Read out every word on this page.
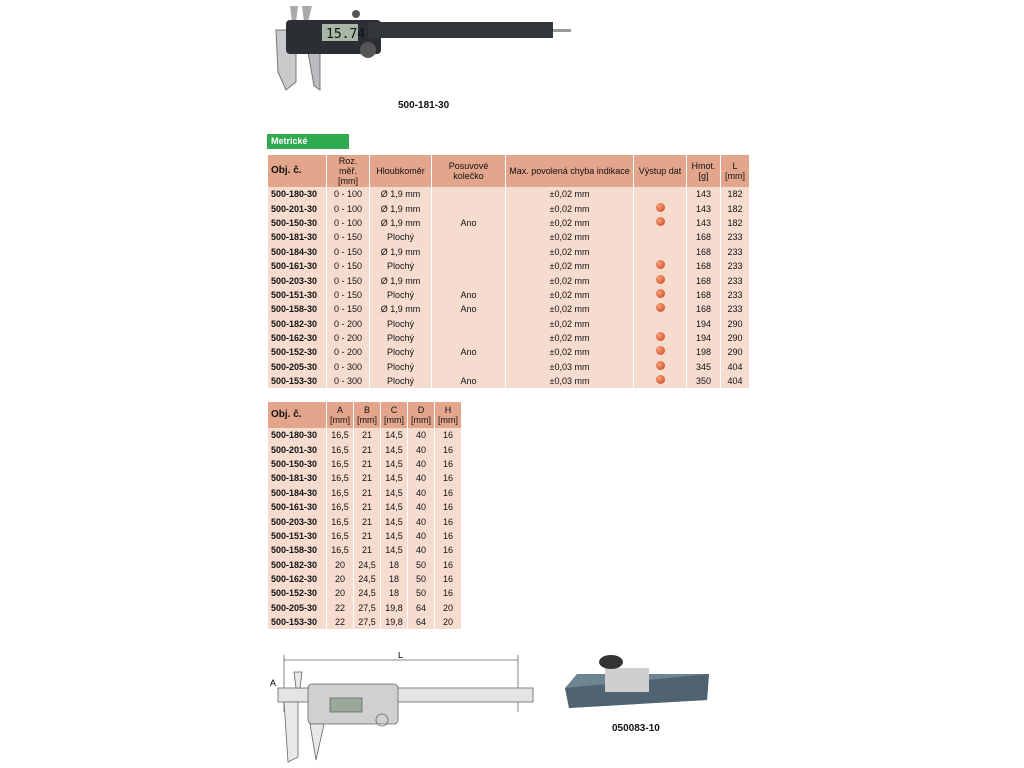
15.74
500-181-30
Metrické
Obj. č.	Roz. měř. [mm]	Hloubkoměr	Posuvové kolečko	Max. povolená chyba indikace	Výstup dat	Hmot. [g]	L [mm]
500-180-30	0 - 100	Ø 1,9 mm		±0,02 mm		143	182
500-201-30	0 - 100	Ø 1,9 mm		±0,02 mm		143	182
500-150-30	0 - 100	Ø 1,9 mm	Ano	±0,02 mm		143	182
500-181-30	0 - 150	Plochý		±0,02 mm		168	233
500-184-30	0 - 150	Ø 1,9 mm		±0,02 mm		168	233
500-161-30	0 - 150	Plochý		±0,02 mm		168	233
500-203-30	0 - 150	Ø 1,9 mm		±0,02 mm		168	233
500-151-30	0 - 150	Plochý	Ano	±0,02 mm		168	233
500-158-30	0 - 150	Ø 1,9 mm	Ano	±0,02 mm		168	233
500-182-30	0 - 200	Plochý		±0,02 mm		194	290
500-162-30	0 - 200	Plochý		±0,02 mm		194	290
500-152-30	0 - 200	Plochý	Ano	±0,02 mm		198	290
500-205-30	0 - 300	Plochý		±0,03 mm		345	404
500-153-30	0 - 300	Plochý	Ano	±0,03 mm		350	404
Obj. č.	A [mm]	B [mm]	C [mm]	D [mm]	H [mm]
500-180-30	16,5	21	14,5	40	16
500-201-30	16,5	21	14,5	40	16
500-150-30	16,5	21	14,5	40	16
500-181-30	16,5	21	14,5	40	16
500-184-30	16,5	21	14,5	40	16
500-161-30	16,5	21	14,5	40	16
500-203-30	16,5	21	14,5	40	16
500-151-30	16,5	21	14,5	40	16
500-158-30	16,5	21	14,5	40	16
500-182-30	20	24,5	18	50	16
500-162-30	20	24,5	18	50	16
500-152-30	20	24,5	18	50	16
500-205-30	22	27,5	19,8	64	20
500-153-30	22	27,5	19,8	64	20
L
A
050083-10
